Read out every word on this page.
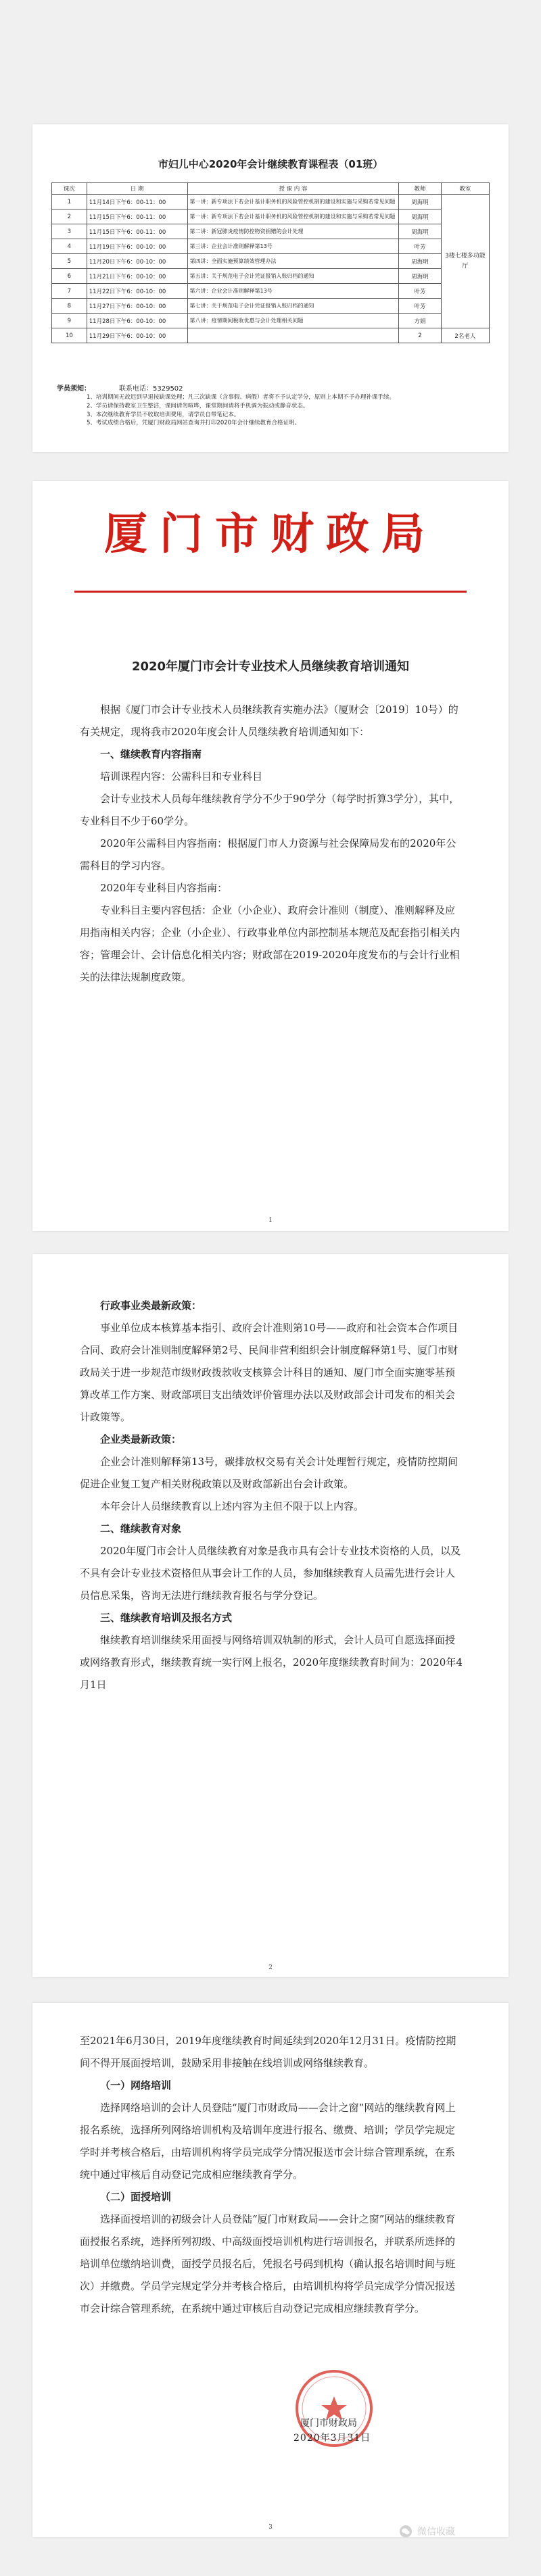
市妇儿中心2020年会计继续教育课程表（01班）
课次	日 期	授 课 内 容	教师	教室
1	11月14日下午6：00-11：00	第一讲：新专项法下若会计基计职务机的风险管控机制的建设和实施与采购若常见问题	周海明	3楼七楼多功能厅
2	11月15日下午6：00-11：00	第一讲：新专项法下若会计基计职务机的风险管控机制的建设和实施与采购若常见问题	周海明	
3	11月15日下午6：00-11：00	第二讲：新冠肺炎疫情防控物资捐赠的会计处理	周海明	
4	11月19日下午6：00-10：00	第三讲：企业会计准则解释第13号	叶芳	
5	11月20日下午6：00-10：00	第四讲：全面实施预算绩效管理办法	周海明	
6	11月21日下午6：00-10：00	第五讲：关于规范电子会计凭证报销入账归档的通知	周海明	
7	11月22日下午6：00-10：00	第六讲：企业会计准则解释第13号	叶芳	
8	11月27日下午6：00-10：00	第七讲：关于规范电子会计凭证报销入账归档的通知	叶芳	
9	11月28日下午6：00-10：00	第八讲：疫情期间税收优惠与会计处理相关问题	方娟	
10	11月29日下午6：00-10：00		2	2名老人
学员须知：	联系电话：5329502
1、培训期间无故迟到早退按缺课处理；凡三次缺课（含事假、病假）者将不予认定学分，原则上本期不予办理补课手续。
2、学员请保持教室卫生整洁，课间请勿喧哗，课堂期间请将手机调为振动或静音状态。
3、本次继续教育学员不收取培训费用，请学员自带笔记本。
5、考试成绩合格后，凭厦门财政局网站查询并打印2020年会计继续教育合格证明。
厦门市财政局
2020年厦门市会计专业技术人员继续教育培训通知

根据《厦门市会计专业技术人员继续教育实施办法》（厦财会〔2019〕10号）的有关规定，现将我市2020年度会计人员继续教育培训通知如下：

一、继续教育内容指南

培训课程内容：公需科目和专业科目

会计专业技术人员每年继续教育学分不少于90学分（每学时折算3学分），其中，专业科目不少于60学分。

2020年公需科目内容指南：根据厦门市人力资源与社会保障局发布的2020年公需科目的学习内容。

2020年专业科目内容指南：

专业科目主要内容包括：企业（小企业）、政府会计准则（制度）、准则解释及应用指南相关内容；企业（小企业）、行政事业单位内部控制基本规范及配套指引相关内容；管理会计、会计信息化相关内容；财政部在2019-2020年度发布的与会计行业相关的法律法规制度政策。

1

行政事业类最新政策：

事业单位成本核算基本指引、政府会计准则第10号——政府和社会资本合作项目合同、政府会计准则制度解释第2号、民间非营利组织会计制度解释第1号、厦门市财政局关于进一步规范市级财政拨款收支核算会计科目的通知、厦门市全面实施零基预算改革工作方案、财政部项目支出绩效评价管理办法以及财政部会计司发布的相关会计政策等。

企业类最新政策：

企业会计准则解释第13号，碳排放权交易有关会计处理暂行规定，疫情防控期间促进企业复工复产相关财税政策以及财政部新出台会计政策。

本年会计人员继续教育以上述内容为主但不限于以上内容。

二、继续教育对象

2020年厦门市会计人员继续教育对象是我市具有会计专业技术资格的人员，以及不具有会计专业技术资格但从事会计工作的人员，参加继续教育人员需先进行会计人员信息采集，咨询无法进行继续教育报名与学分登记。

三、继续教育培训及报名方式

继续教育培训继续采用面授与网络培训双轨制的形式，会计人员可自愿选择面授或网络教育形式，继续教育统一实行网上报名，2020年度继续教育时间为：2020年4月1日

2

至2021年6月30日，2019年度继续教育时间延续到2020年12月31日。疫情防控期间不得开展面授培训，鼓励采用非接触在线培训或网络继续教育。

（一）网络培训

选择网络培训的会计人员登陆“厦门市财政局——会计之窗”网站的继续教育网上报名系统，选择所列网络培训机构及培训年度进行报名、缴费、培训；学员学完规定学时并考核合格后，由培训机构将学员完成学分情况报送市会计综合管理系统，在系统中通过审核后自动登记完成相应继续教育学分。

（二）面授培训

选择面授培训的初级会计人员登陆“厦门市财政局——会计之窗”网站的继续教育面授报名系统，选择所列初级、中高级面授培训机构进行培训报名，并联系所选择的培训单位缴纳培训费，面授学员报名后，凭报名号码到机构（确认报名培训时间与班次）并缴费。学员学完规定学分并考核合格后，由培训机构将学员完成学分情况报送市会计综合管理系统，在系统中通过审核后自动登记完成相应继续教育学分。

厦门市财政局
2020年3月31日
3	微信收藏
